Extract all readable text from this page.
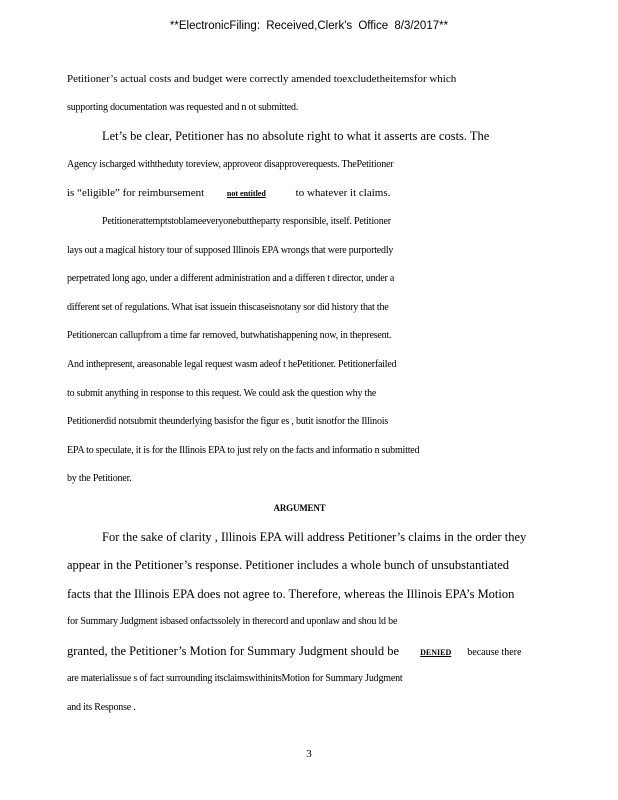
**ElectronicFiling: Received,Clerk's Office 8/3/2017**
Petitioner’s actual costs and budget were correctly amended toexcludetheitemsfor which
supporting documentation was requested and n ot submitted.
Let’s be clear, Petitioner has no absolute right to what it asserts are costs. The
Agency ischarged withtheduty toreview, approveor disapproverequests. ThePetitioner
is “eligible” for reimbursement	not entitled	to whatever it claims.
Petitionerattemptstoblameeveryonebuttheparty responsible, itself. Petitioner
lays out a magical history tour of supposed Illinois EPA wrongs that were purportedly
perpetrated long ago, under a different administration and a differen t director, under a
different set of regulations. What isat issuein thiscaseisnotany sor did history that the
Petitionercan callupfrom a time far removed, butwhatishappening now, in thepresent.
And inthepresent, areasonable legal request wasm adeof t hePetitioner. Petitionerfailed
to submit anything in response to this request. We could ask the question why the
Petitionerdid notsubmit theunderlying basisfor the figur es , butit isnotfor the Illinois
EPA to speculate, it is for the Illinois EPA to just rely on the facts and informatio n submitted
by the Petitioner.
ARGUMENT
For the sake of clarity , Illinois EPA will address Petitioner’s claims in the order they
appear in the Petitioner’s response. Petitioner includes a whole bunch of unsubstantiated
facts that the Illinois EPA does not agree to. Therefore, whereas the Illinois EPA’s Motion
for Summary Judgment isbased onfactssolely in therecord and uponlaw and shou ld be
granted, the Petitioner’s Motion for Summary Judgment should be	DENIED because there
are materialissue s of fact surrounding itsclaimswithinitsMotion for Summary Judgment
and its Response .
3
